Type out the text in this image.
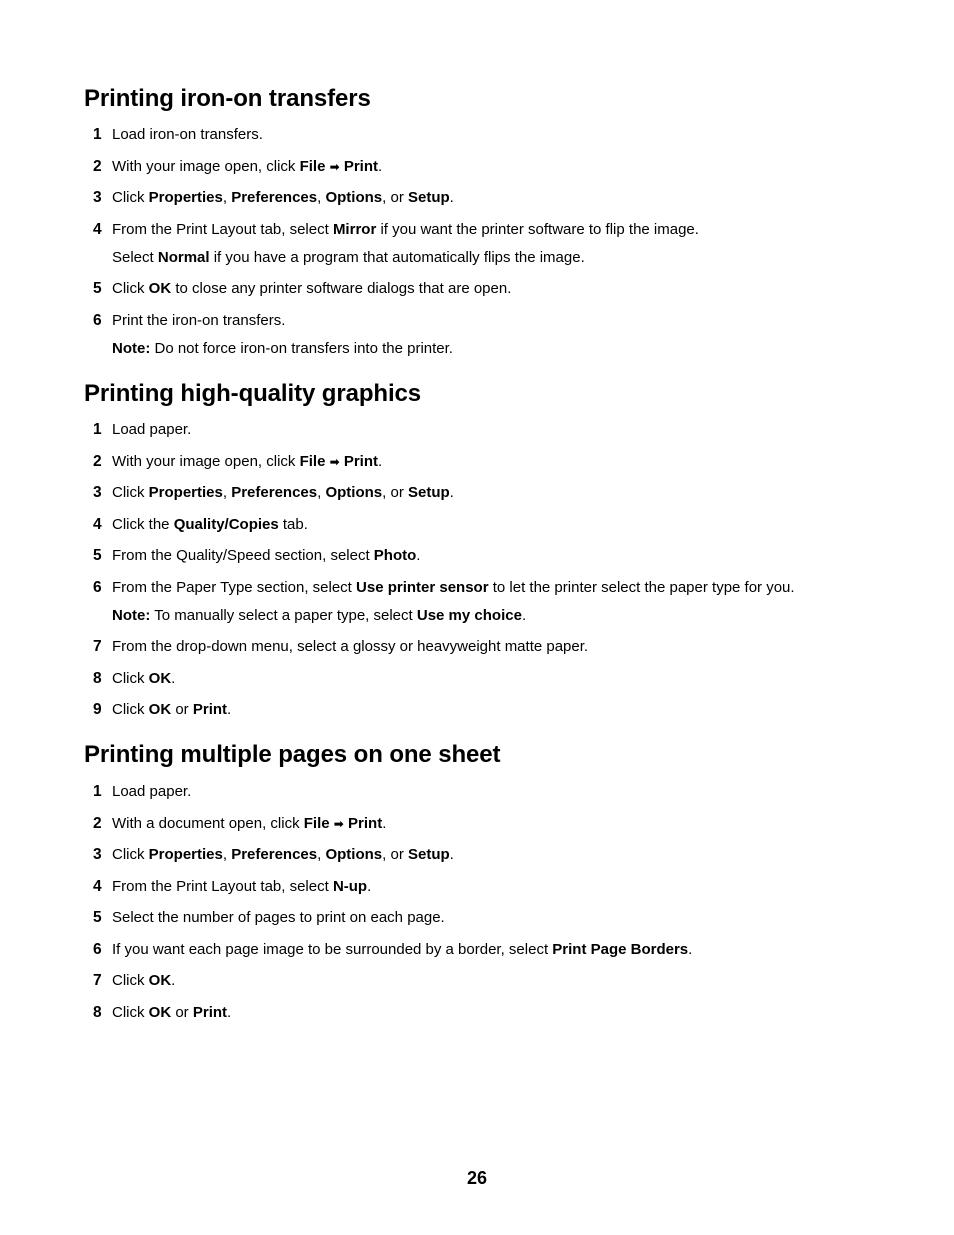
Printing iron-on transfers
1 Load iron-on transfers.
2 With your image open, click File ➡ Print.
3 Click Properties, Preferences, Options, or Setup.
4 From the Print Layout tab, select Mirror if you want the printer software to flip the image.
Select Normal if you have a program that automatically flips the image.
5 Click OK to close any printer software dialogs that are open.
6 Print the iron-on transfers.
Note: Do not force iron-on transfers into the printer.
Printing high-quality graphics
1 Load paper.
2 With your image open, click File ➡ Print.
3 Click Properties, Preferences, Options, or Setup.
4 Click the Quality/Copies tab.
5 From the Quality/Speed section, select Photo.
6 From the Paper Type section, select Use printer sensor to let the printer select the paper type for you.
Note: To manually select a paper type, select Use my choice.
7 From the drop-down menu, select a glossy or heavyweight matte paper.
8 Click OK.
9 Click OK or Print.
Printing multiple pages on one sheet
1 Load paper.
2 With a document open, click File ➡ Print.
3 Click Properties, Preferences, Options, or Setup.
4 From the Print Layout tab, select N-up.
5 Select the number of pages to print on each page.
6 If you want each page image to be surrounded by a border, select Print Page Borders.
7 Click OK.
8 Click OK or Print.
26
